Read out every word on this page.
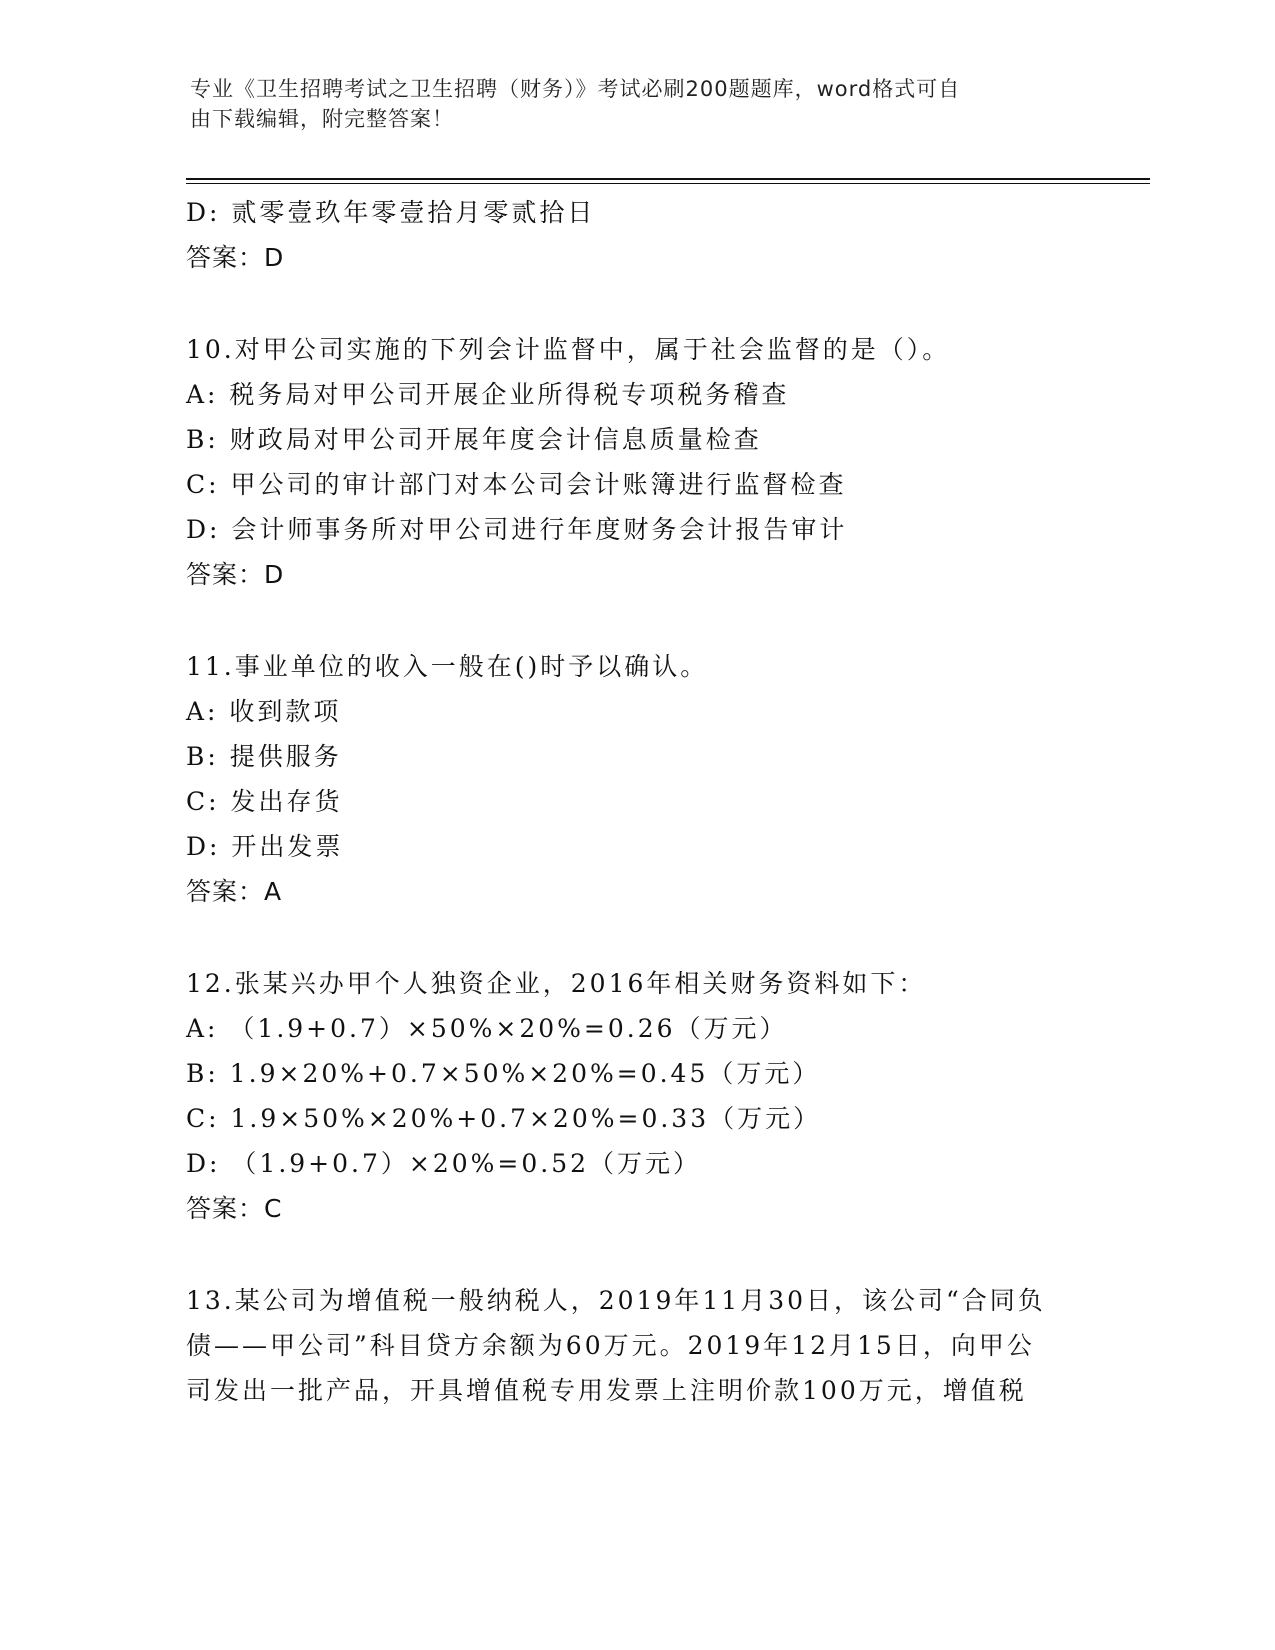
专业《卫生招聘考试之卫生招聘（财务）》考试必刷200题题库，word格式可自
由下载编辑，附完整答案！
D: 贰零壹玖年零壹拾月零贰拾日
答案：D
10.对甲公司实施的下列会计监督中，属于社会监督的是（）。
A: 税务局对甲公司开展企业所得税专项税务稽查
B: 财政局对甲公司开展年度会计信息质量检查
C: 甲公司的审计部门对本公司会计账簿进行监督检查
D: 会计师事务所对甲公司进行年度财务会计报告审计
答案：D
11.事业单位的收入一般在()时予以确认。
A: 收到款项
B: 提供服务
C: 发出存货
D: 开出发票
答案：A
12.张某兴办甲个人独资企业，2016年相关财务资料如下：
A: （1.9+0.7）×50%×20%=0.26（万元）
B: 1.9×20%+0.7×50%×20%=0.45（万元）
C: 1.9×50%×20%+0.7×20%=0.33（万元）
D: （1.9+0.7）×20%=0.52（万元）
答案：C
13.某公司为增值税一般纳税人，2019年11月30日，该公司“合同负
债——甲公司”科目贷方余额为60万元。2019年12月15日，向甲公
司发出一批产品，开具增值税专用发票上注明价款100万元，增值税
